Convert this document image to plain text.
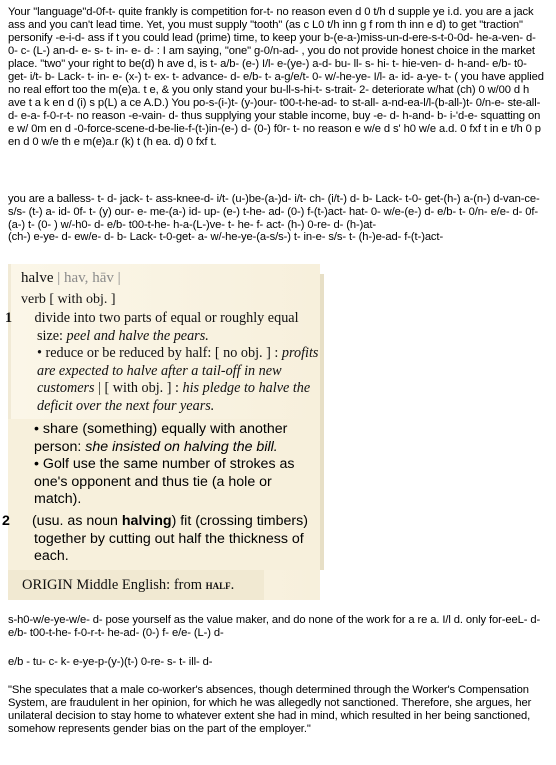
Your "language"d-0f-t- quite frankly is competition for-t- no reason even d 0 t/h d supple ye i.d. you are a jack ass and you can't lead time. Yet, you must supply "tooth" (as c L0 t/h inn g f rom th inn e d) to get "traction" personify -e-i-d- ass if t you could lead (prime) time, to keep your b-(e-a-)miss-un-d-ere-s-t-0-0d- he-a-ven- d- 0- c- (L-) an-d- e- s- t- in- e- d- : I am saying, "one" g-0/n-ad- , you do not provide honest choice in the market place. "two" your right to be(d) h ave d, is t- a/b- (e-) I/l- e-(ye-) a-d- bu- ll- s- hi- t- hie-ven- d- h-and- e/b- t0- get- i/t- b- Lack- t- in- e- (x-) t- ex- t- advance- d- e/b- t- a-g/e/t- 0- w/-he-ye- I/l- a- id- a-ye- t- ( you have applied no real effort too the m(e)a. t e, & you only stand your bu-ll-s-hi-t- s-trait- 2- deteriorate w/hat (ch) 0 w/00 d h ave t a k en d (i) s p(L) a ce A.D.) You po-s-(i-)t- (y-)our- t00-t-he-ad- to st-all- a-nd-ea-l/l-(b-all-)t- 0/n-e- ste-all- d- e-a- f-0-r-t- no reason -e-vain- d- thus supplying your stable income, buy -e- d- h-and- b- i-'d-e- squatting on e w/ 0m en d -0-force-scene-d-be-lie-f-(t-)in-(e-) d- (0-) f0r- t- no reason e w/e d s' h0 w/e a.d. 0 fxf t in e t/h 0 p en d 0 w/e th e m(e)a.r (k) t (h ea. d) 0 fxf t.

you are a balless- t- d- jack- t- ass-knee-d- i/t- (u-)be-(a-)d- i/t- ch- (i/t-) d- b- Lack- t-0- get-(h-) a-(n-) d-van-ce- s/s- (t-) a- id- 0f- t- (y) our- e- me-(a-) id- up- (e-) t-he- ad- (0-) f-(t-)act- hat- 0- w/e-(e-) d- e/b- t- 0/n- e/e- d- 0f- (a-) t- (0- ) w/-h0- d- e/b- t00-t-he- h-a-(L-)ve- t- he- f- act- (h-) 0-re- d- (h-)at-

(ch-) e-ye- d- ew/e- d- b- Lack- t-0-get- a- w/-he-ye-(a-s/s-) t- in-e- s/s- t- (h-)e-ad- f-(t-)act-

halve | hav, hāv |
verb [ with obj. ]
1 divide into two parts of equal or roughly equal size: peel and halve the pears.
• reduce or be reduced by half: [ no obj. ] : profits are expected to halve after a tail-off in new customers | [ with obj. ] : his pledge to halve the deficit over the next four years.
• share (something) equally with another person: she insisted on halving the bill.
• Golf use the same number of strokes as one's opponent and thus tie (a hole or match).
2 (usu. as noun halving) fit (crossing timbers) together by cutting out half the thickness of each.
ORIGIN Middle English: from half.

s-h0-w/e-ye-w/e- d- pose yourself as the value maker, and do none of the work for a re a. I/l d. only for-eeL- d- e/b- t00-t-he- f-0-r-t- he-ad- (0-) f- e/e- (L-) d-

e/b - tu- c- k- e-ye-p-(y-)(t-) 0-re- s- t- ill- d-

"She speculates that a male co-worker's absences, though determined through the Worker's Compensation System, are fraudulent in her opinion, for which he was allegedly not sanctioned. Therefore, she argues, her unilateral decision to stay home to whatever extent she had in mind, which resulted in her being sanctioned, somehow represents gender bias on the part of the employer."
